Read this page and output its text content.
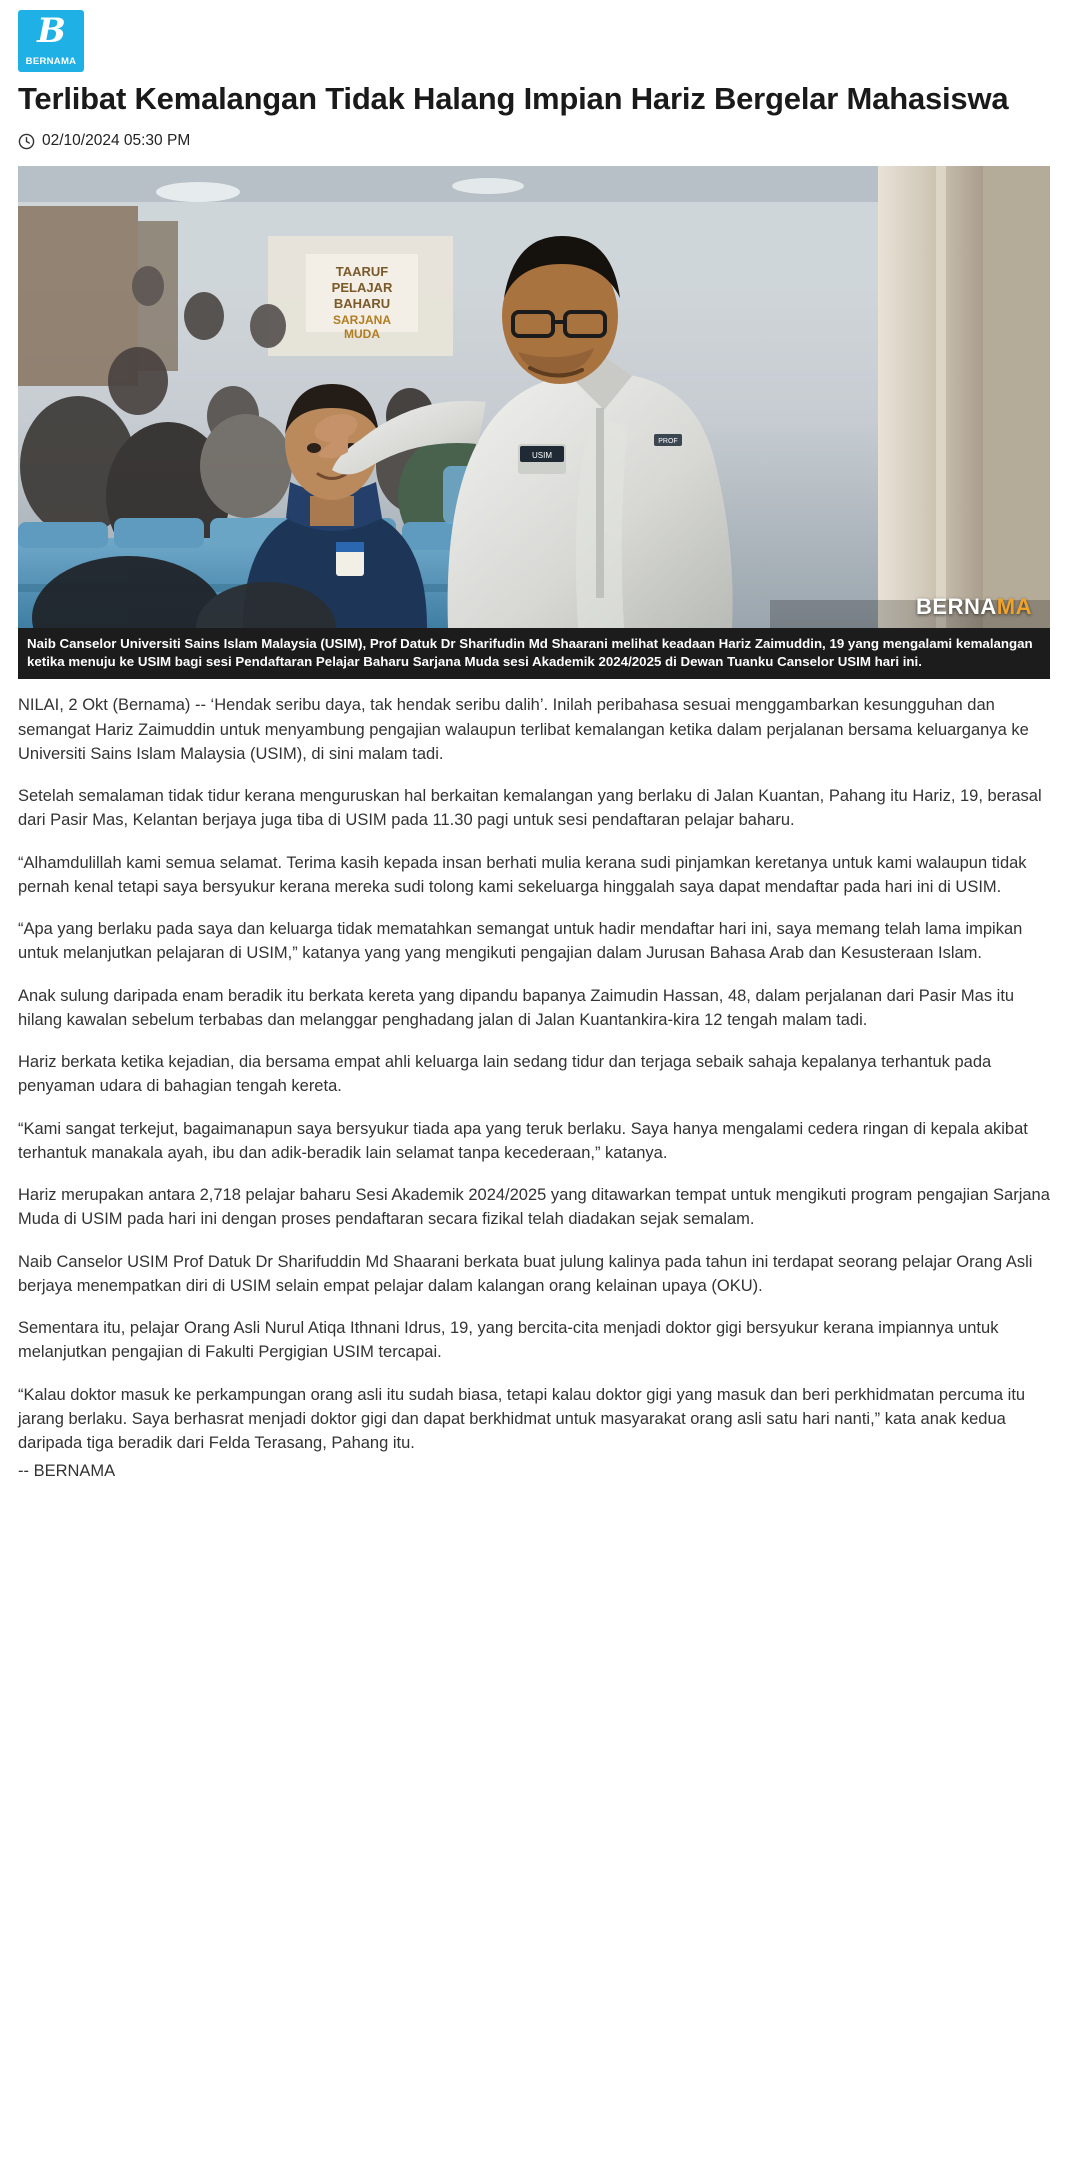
B
BERNAMA
Terlibat Kemalangan Tidak Halang Impian Hariz Bergelar Mahasiswa
02/10/2024 05:30 PM
TAARUF
PELAJAR
BAHARU
SARJANA
MUDA
USIM
PROF
BERNAMA
Naib Canselor Universiti Sains Islam Malaysia (USIM), Prof Datuk Dr Sharifudin Md Shaarani melihat keadaan Hariz Zaimuddin, 19 yang mengalami kemalangan ketika menuju ke USIM bagi sesi Pendaftaran Pelajar Baharu Sarjana Muda sesi Akademik 2024/2025 di Dewan Tuanku Canselor USIM hari ini.

NILAI, 2 Okt (Bernama) -- ‘Hendak seribu daya, tak hendak seribu dalih’. Inilah peribahasa sesuai menggambarkan kesungguhan dan semangat Hariz Zaimuddin untuk menyambung pengajian walaupun terlibat kemalangan ketika dalam perjalanan bersama keluarganya ke Universiti Sains Islam Malaysia (USIM), di sini malam tadi.

Setelah semalaman tidak tidur kerana menguruskan hal berkaitan kemalangan yang berlaku di Jalan Kuantan, Pahang itu Hariz, 19, berasal dari Pasir Mas, Kelantan berjaya juga tiba di USIM pada 11.30 pagi untuk sesi pendaftaran pelajar baharu.

“Alhamdulillah kami semua selamat. Terima kasih kepada insan berhati mulia kerana sudi pinjamkan keretanya untuk kami walaupun tidak pernah kenal tetapi saya bersyukur kerana mereka sudi tolong kami sekeluarga hinggalah saya dapat mendaftar pada hari ini di USIM.

“Apa yang berlaku pada saya dan keluarga tidak mematahkan semangat untuk hadir mendaftar hari ini, saya memang telah lama impikan untuk melanjutkan pelajaran di USIM,” katanya yang yang mengikuti pengajian dalam Jurusan Bahasa Arab dan Kesusteraan Islam.

Anak sulung daripada enam beradik itu berkata kereta yang dipandu bapanya Zaimudin Hassan, 48, dalam perjalanan dari Pasir Mas itu hilang kawalan sebelum terbabas dan melanggar penghadang jalan di Jalan Kuantankira-kira 12 tengah malam tadi.

Hariz berkata ketika kejadian, dia bersama empat ahli keluarga lain sedang tidur dan terjaga sebaik sahaja kepalanya terhantuk pada penyaman udara di bahagian tengah kereta.

“Kami sangat terkejut, bagaimanapun saya bersyukur tiada apa yang teruk berlaku. Saya hanya mengalami cedera ringan di kepala akibat terhantuk manakala ayah, ibu dan adik-beradik lain selamat tanpa kecederaan,” katanya.

Hariz merupakan antara 2,718 pelajar baharu Sesi Akademik 2024/2025 yang ditawarkan tempat untuk mengikuti program pengajian Sarjana Muda di USIM pada hari ini dengan proses pendaftaran secara fizikal telah diadakan sejak semalam.

Naib Canselor USIM Prof Datuk Dr Sharifuddin Md Shaarani berkata buat julung kalinya pada tahun ini terdapat seorang pelajar Orang Asli berjaya menempatkan diri di USIM selain empat pelajar dalam kalangan orang kelainan upaya (OKU).

Sementara itu, pelajar Orang Asli Nurul Atiqa Ithnani Idrus, 19, yang bercita-cita menjadi doktor gigi bersyukur kerana impiannya untuk melanjutkan pengajian di Fakulti Pergigian USIM tercapai.

“Kalau doktor masuk ke perkampungan orang asli itu sudah biasa, tetapi kalau doktor gigi yang masuk dan beri perkhidmatan percuma itu jarang berlaku. Saya berhasrat menjadi doktor gigi dan dapat berkhidmat untuk masyarakat orang asli satu hari nanti,” kata anak kedua daripada tiga beradik dari Felda Terasang, Pahang itu.

-- BERNAMA
